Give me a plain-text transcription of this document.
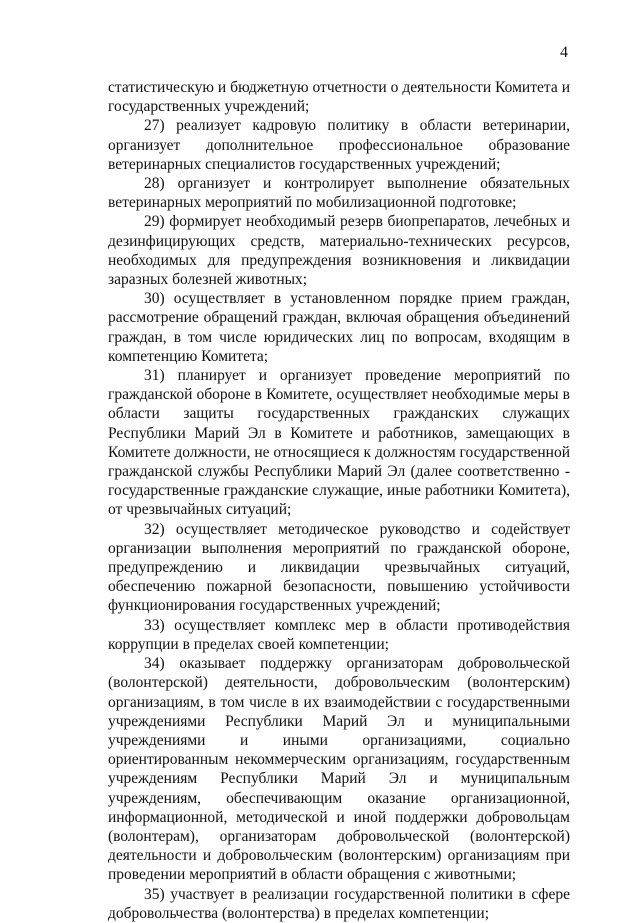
4

статистическую и бюджетную отчетности о деятельности Комитета и государственных учреждений;

27) реализует кадровую политику в области ветеринарии, организует дополнительное профессиональное образование ветеринарных специалистов государственных учреждений;

28) организует и контролирует выполнение обязательных ветеринарных мероприятий по мобилизационной подготовке;

29) формирует необходимый резерв биопрепаратов, лечебных и дезинфицирующих средств, материально-технических ресурсов, необходимых для предупреждения возникновения и ликвидации заразных болезней животных;

30) осуществляет в установленном порядке прием граждан, рассмотрение обращений граждан, включая обращения объединений граждан, в том числе юридических лиц по вопросам, входящим в компетенцию Комитета;

31) планирует и организует проведение мероприятий по гражданской обороне в Комитете, осуществляет необходимые меры в области защиты государственных гражданских служащих Республики Марий Эл в Комитете и работников, замещающих в Комитете должности, не относящиеся к должностям государственной гражданской службы Республики Марий Эл (далее соответственно - государственные гражданские служащие, иные работники Комитета), от чрезвычайных ситуаций;

32) осуществляет методическое руководство и содействует организации выполнения мероприятий по гражданской обороне, предупреждению и ликвидации чрезвычайных ситуаций, обеспечению пожарной безопасности, повышению устойчивости функционирования государственных учреждений;

33) осуществляет комплекс мер в области противодействия коррупции в пределах своей компетенции;

34) оказывает поддержку организаторам добровольческой (волонтерской) деятельности, добровольческим (волонтерским) организациям, в том числе в их взаимодействии с государственными учреждениями Республики Марий Эл и муниципальными учреждениями и иными организациями, социально ориентированным некоммерческим организациям, государственным учреждениям Республики Марий Эл и муниципальным учреждениям, обеспечивающим оказание организационной, информационной, методической и иной поддержки добровольцам (волонтерам), организаторам добровольческой (волонтерской) деятельности и добровольческим (волонтерским) организациям при проведении мероприятий в области обращения с животными;

35) участвует в реализации государственной политики в сфере добровольчества (волонтерства) в пределах компетенции;
